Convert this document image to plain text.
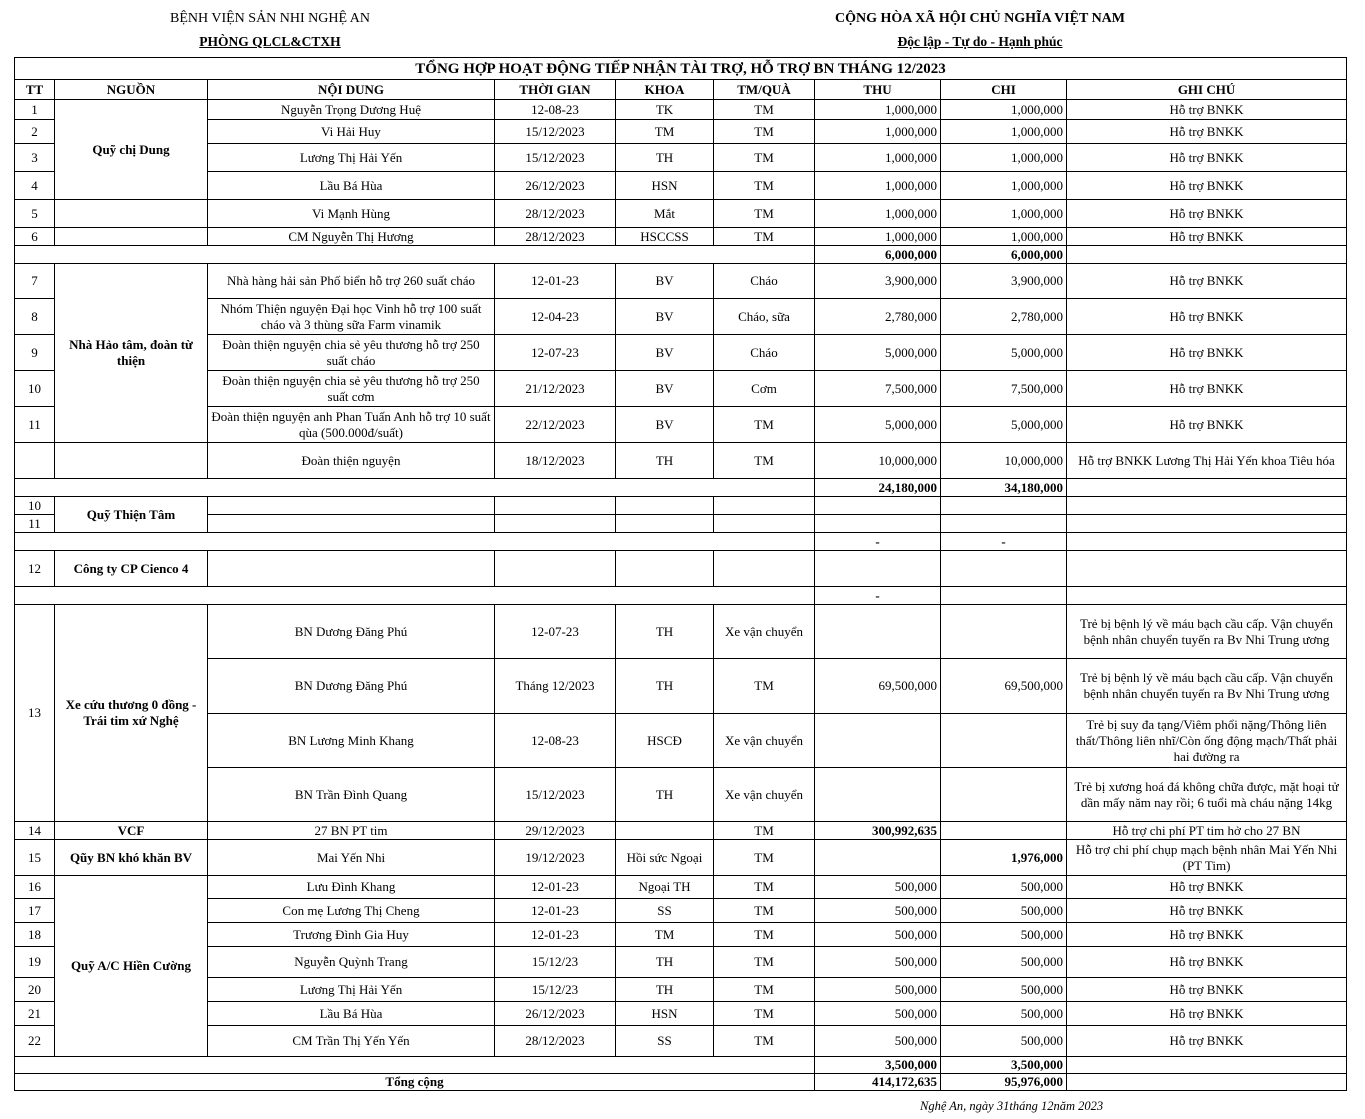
BỆNH VIỆN SẢN NHI NGHỆ AN
PHÒNG QLCL&CTXH
CỘNG HÒA XÃ HỘI CHỦ NGHĨA VIỆT NAM
Độc lập - Tự do - Hạnh phúc
TỔNG HỢP HOẠT ĐỘNG TIẾP NHẬN TÀI TRỢ, HỖ TRỢ BN THÁNG 12/2023								
TT	NGUỒN	NỘI DUNG	THỜI GIAN	KHOA	TM/QUÀ	THU	CHI	GHI CHÚ
1	Quỹ chị Dung	Nguyễn Trọng Dương Huệ	12-08-23	TK	TM	1,000,000	1,000,000	Hỗ trợ BNKK
2		Vi Hải Huy	15/12/2023	TM	TM	1,000,000	1,000,000	Hỗ trợ BNKK
3		Lương Thị Hải Yến	15/12/2023	TH	TM	1,000,000	1,000,000	Hỗ trợ BNKK
4		Lầu Bá Hùa	26/12/2023	HSN	TM	1,000,000	1,000,000	Hỗ trợ BNKK
5		Vi Mạnh Hùng	28/12/2023	Mắt	TM	1,000,000	1,000,000	Hỗ trợ BNKK
6		CM Nguyễn Thị Hương	28/12/2023	HSCCSS	TM	1,000,000	1,000,000	Hỗ trợ BNKK
						6,000,000	6,000,000	
7	Nhà Hảo tâm, đoàn từ thiện	Nhà hàng hải sản Phố biển hỗ trợ 260 suất cháo	12-01-23	BV	Cháo	3,900,000	3,900,000	Hỗ trợ BNKK
8		Nhóm Thiện nguyện Đại học Vinh hỗ trợ 100 suất cháo và 3 thùng sữa Farm vinamik	12-04-23	BV	Cháo, sữa	2,780,000	2,780,000	Hỗ trợ BNKK
9		Đoàn thiện nguyện chia sẻ yêu thương hỗ trợ 250 suất cháo	12-07-23	BV	Cháo	5,000,000	5,000,000	Hỗ trợ BNKK
10		Đoàn thiện nguyện chia sẻ yêu thương hỗ trợ 250 suất cơm	21/12/2023	BV	Cơm	7,500,000	7,500,000	Hỗ trợ BNKK
11		Đoàn thiện nguyện anh Phan Tuấn Anh hỗ trợ 10 suất qùa (500.000đ/suất)	22/12/2023	BV	TM	5,000,000	5,000,000	Hỗ trợ BNKK
		Đoàn thiện nguyện	18/12/2023	TH	TM	10,000,000	10,000,000	Hỗ trợ BNKK Lương Thị Hải Yến khoa Tiêu hóa
						24,180,000	34,180,000	
10	Quỹ Thiện Tâm							
11								
						-	-	
12	Công ty CP Cienco 4							
						-		
13	Xe cứu thương 0 đồng - Trái tim xứ Nghệ	BN Dương Đăng Phú	12-07-23	TH	Xe vận chuyển			Trẻ bị bệnh lý về máu bạch cầu cấp. Vận chuyển bệnh nhân chuyển tuyến ra Bv Nhi Trung ương
		BN Dương Đăng Phú	Tháng 12/2023	TH	TM	69,500,000	69,500,000	Trẻ bị bệnh lý về máu bạch cầu cấp. Vận chuyển bệnh nhân chuyển tuyến ra Bv Nhi Trung ương
		BN Lương Minh Khang	12-08-23	HSCĐ	Xe vận chuyển			Trẻ bị suy đa tạng/Viêm phổi nặng/Thông liên thất/Thông liên nhĩ/Còn ống động mạch/Thất phải hai đường ra
		BN Trần Đình Quang	15/12/2023	TH	Xe vận chuyển			Trẻ bị xương hoá đá không chữa được, mặt hoại tử dần mấy năm nay rồi; 6 tuổi mà cháu nặng 14kg
14	VCF	27 BN PT tim	29/12/2023		TM	300,992,635		Hỗ trợ chi phí PT tim hở cho 27 BN
15	Qũy BN khó khăn BV	Mai Yến Nhi	19/12/2023	Hồi sức Ngoại	TM		1,976,000	Hỗ trợ chi phí chụp mạch bệnh nhân Mai Yến Nhi (PT Tim)
16	Quỹ A/C Hiền Cường	Lưu Đình Khang	12-01-23	Ngoại TH	TM	500,000	500,000	Hỗ trợ BNKK
17		Con mẹ Lương Thị Cheng	12-01-23	SS	TM	500,000	500,000	Hỗ trợ BNKK
18		Trương Đình Gia Huy	12-01-23	TM	TM	500,000	500,000	Hỗ trợ BNKK
19		Nguyễn Quỳnh Trang	15/12/23	TH	TM	500,000	500,000	Hỗ trợ BNKK
20		Lương Thị Hải Yến	15/12/23	TH	TM	500,000	500,000	Hỗ trợ BNKK
21		Lầu Bá Hùa	26/12/2023	HSN	TM	500,000	500,000	Hỗ trợ BNKK
22		CM Trần Thị Yến Yến	28/12/2023	SS	TM	500,000	500,000	Hỗ trợ BNKK
						3,500,000	3,500,000	
Tổng cộng						414,172,635	95,976,000	
Nghệ An, ngày 31tháng 12năm 2023
